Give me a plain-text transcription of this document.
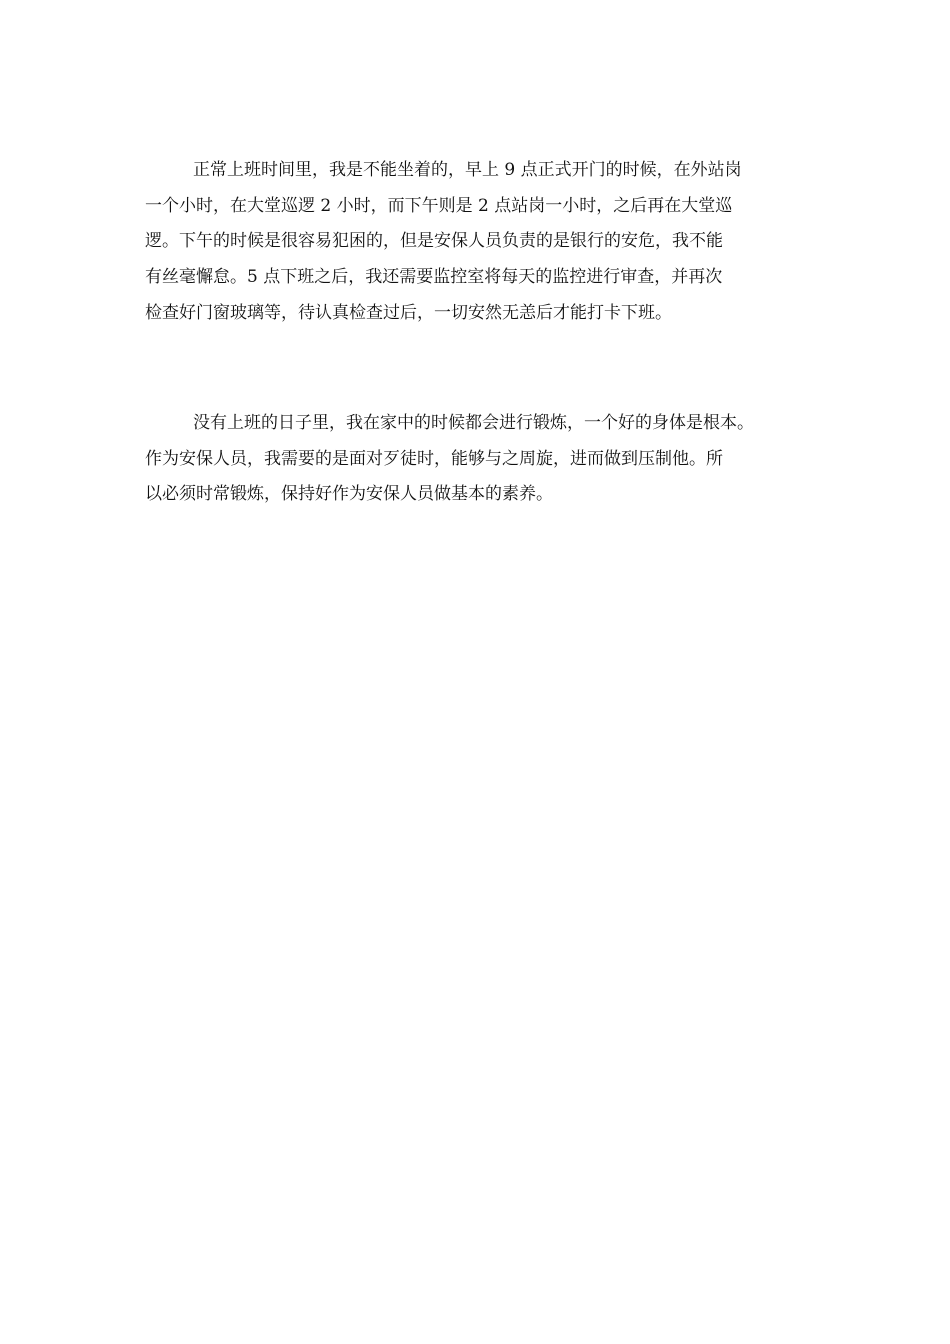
正常上班时间里，我是不能坐着的，早上 9 点正式开门的时候，在外站岗
一个小时，在大堂巡逻 2 小时，而下午则是 2 点站岗一小时，之后再在大堂巡
逻。下午的时候是很容易犯困的，但是安保人员负责的是银行的安危，我不能
有丝毫懈怠。5 点下班之后，我还需要监控室将每天的监控进行审查，并再次
检查好门窗玻璃等，待认真检查过后，一切安然无恙后才能打卡下班。
没有上班的日子里，我在家中的时候都会进行锻炼，一个好的身体是根本。
作为安保人员，我需要的是面对歹徒时，能够与之周旋，进而做到压制他。所
以必须时常锻炼，保持好作为安保人员做基本的素养。
